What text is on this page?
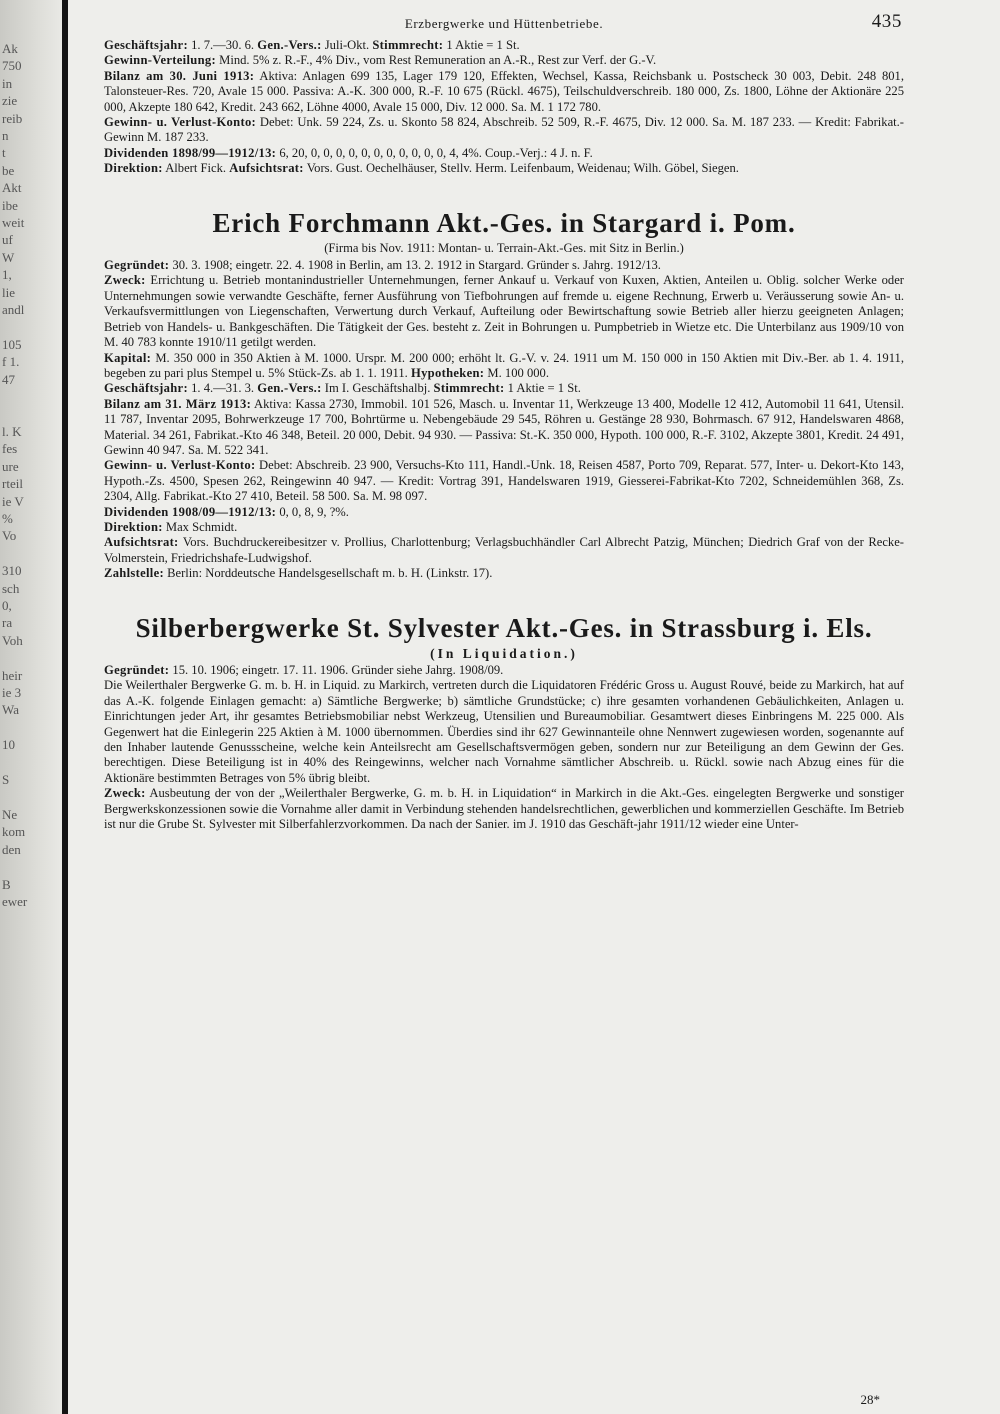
Ak
750
in
zie
reib
n
t
be
Akt
ibe
weit
uf
W
1,
lie
andl

105
f 1.
47

l. K
fes
ure
rteil
ie V
%
Vo

310
sch
0,
ra
Voh

heir
ie 3
Wa

10

S

Ne
kom
den

B
ewer
Erzbergwerke und Hüttenbetriebe.	435

Geschäftsjahr: 1. 7.—30. 6. Gen.-Vers.: Juli-Okt. Stimmrecht: 1 Aktie = 1 St.

Gewinn-Verteilung: Mind. 5% z. R.-F., 4% Div., vom Rest Remuneration an A.-R., Rest zur Verf. der G.-V.

Bilanz am 30. Juni 1913: Aktiva: Anlagen 699 135, Lager 179 120, Effekten, Wechsel, Kassa, Reichsbank u. Postscheck 30 003, Debit. 248 801, Talonsteuer-Res. 720, Avale 15 000. Passiva: A.-K. 300 000, R.-F. 10 675 (Rückl. 4675), Teilschuldverschreib. 180 000, Zs. 1800, Löhne der Aktionäre 225 000, Akzepte 180 642, Kredit. 243 662, Löhne 4000, Avale 15 000, Div. 12 000. Sa. M. 1 172 780.

Gewinn- u. Verlust-Konto: Debet: Unk. 59 224, Zs. u. Skonto 58 824, Abschreib. 52 509, R.-F. 4675, Div. 12 000. Sa. M. 187 233. — Kredit: Fabrikat.-Gewinn M. 187 233.

Dividenden 1898/99—1912/13: 6, 20, 0, 0, 0, 0, 0, 0, 0, 0, 0, 0, 0, 4, 4%. Coup.-Verj.: 4 J. n. F.

Direktion: Albert Fick. Aufsichtsrat: Vors. Gust. Oechelhäuser, Stellv. Herm. Leifenbaum, Weidenau; Wilh. Göbel, Siegen.

Erich Forchmann Akt.-Ges. in Stargard i. Pom.
(Firma bis Nov. 1911: Montan- u. Terrain-Akt.-Ges. mit Sitz in Berlin.)

Gegründet: 30. 3. 1908; eingetr. 22. 4. 1908 in Berlin, am 13. 2. 1912 in Stargard. Gründer s. Jahrg. 1912/13.

Zweck: Errichtung u. Betrieb montanindustrieller Unternehmungen, ferner Ankauf u. Verkauf von Kuxen, Aktien, Anteilen u. Oblig. solcher Werke oder Unternehmungen sowie verwandte Geschäfte, ferner Ausführung von Tiefbohrungen auf fremde u. eigene Rechnung, Erwerb u. Veräusserung sowie An- u. Verkaufsvermittlungen von Liegenschaften, Verwertung durch Verkauf, Aufteilung oder Bewirtschaftung sowie Betrieb aller hierzu geeigneten Anlagen; Betrieb von Handels- u. Bankgeschäften. Die Tätigkeit der Ges. besteht z. Zeit in Bohrungen u. Pumpbetrieb in Wietze etc. Die Unterbilanz aus 1909/10 von M. 40 783 konnte 1910/11 getilgt werden.

Kapital: M. 350 000 in 350 Aktien à M. 1000. Urspr. M. 200 000; erhöht lt. G.-V. v. 24. 1911 um M. 150 000 in 150 Aktien mit Div.-Ber. ab 1. 4. 1911, begeben zu pari plus Stempel u. 5% Stück-Zs. ab 1. 1. 1911. Hypotheken: M. 100 000.

Geschäftsjahr: 1. 4.—31. 3. Gen.-Vers.: Im I. Geschäftshalbj. Stimmrecht: 1 Aktie = 1 St.

Bilanz am 31. März 1913: Aktiva: Kassa 2730, Immobil. 101 526, Masch. u. Inventar 11, Werkzeuge 13 400, Modelle 12 412, Automobil 11 641, Utensil. 11 787, Inventar 2095, Bohrwerkzeuge 17 700, Bohrtürme u. Nebengebäude 29 545, Röhren u. Gestänge 28 930, Bohrmasch. 67 912, Handelswaren 4868, Material. 34 261, Fabrikat.-Kto 46 348, Beteil. 20 000, Debit. 94 930. — Passiva: St.-K. 350 000, Hypoth. 100 000, R.-F. 3102, Akzepte 3801, Kredit. 24 491, Gewinn 40 947. Sa. M. 522 341.

Gewinn- u. Verlust-Konto: Debet: Abschreib. 23 900, Versuchs-Kto 111, Handl.-Unk. 18, Reisen 4587, Porto 709, Reparat. 577, Inter- u. Dekort-Kto 143, Hypoth.-Zs. 4500, Spesen 262, Reingewinn 40 947. — Kredit: Vortrag 391, Handelswaren 1919, Giesserei-Fabrikat-Kto 7202, Schneidemühlen 368, Zs. 2304, Allg. Fabrikat.-Kto 27 410, Beteil. 58 500. Sa. M. 98 097.

Dividenden 1908/09—1912/13: 0, 0, 8, 9, ?%.

Direktion: Max Schmidt.

Aufsichtsrat: Vors. Buchdruckereibesitzer v. Prollius, Charlottenburg; Verlagsbuchhändler Carl Albrecht Patzig, München; Diedrich Graf von der Recke-Volmerstein, Friedrichshafe-Ludwigshof.

Zahlstelle: Berlin: Norddeutsche Handelsgesellschaft m. b. H. (Linkstr. 17).

Silberbergwerke St. Sylvester Akt.-Ges. in Strassburg i. Els.
(In Liquidation.)

Gegründet: 15. 10. 1906; eingetr. 17. 11. 1906. Gründer siehe Jahrg. 1908/09.

Die Weilerthaler Bergwerke G. m. b. H. in Liquid. zu Markirch, vertreten durch die Liquidatoren Frédéric Gross u. August Rouvé, beide zu Markirch, hat auf das A.-K. folgende Einlagen gemacht: a) Sämtliche Bergwerke; b) sämtliche Grundstücke; c) ihre gesamten vorhandenen Gebäulichkeiten, Anlagen u. Einrichtungen jeder Art, ihr gesamtes Betriebsmobiliar nebst Werkzeug, Utensilien und Bureaumobiliar. Gesamtwert dieses Einbringens M. 225 000. Als Gegenwert hat die Einlegerin 225 Aktien à M. 1000 übernommen. Überdies sind ihr 627 Gewinnanteile ohne Nennwert zugewiesen worden, sogenannte auf den Inhaber lautende Genussscheine, welche kein Anteilsrecht am Gesellschaftsvermögen geben, sondern nur zur Beteiligung an dem Gewinn der Ges. berechtigen. Diese Beteiligung ist in 40% des Reingewinns, welcher nach Vornahme sämtlicher Abschreib. u. Rückl. sowie nach Abzug eines für die Aktionäre bestimmten Betrages von 5% übrig bleibt.

Zweck: Ausbeutung der von der „Weilerthaler Bergwerke, G. m. b. H. in Liquidation“ in Markirch in die Akt.-Ges. eingelegten Bergwerke und sonstiger Bergwerkskonzessionen sowie die Vornahme aller damit in Verbindung stehenden handelsrechtlichen, gewerblichen und kommerziellen Geschäfte. Im Betrieb ist nur die Grube St. Sylvester mit Silberfahlerzvorkommen. Da nach der Sanier. im J. 1910 das Geschäft-jahr 1911/12 wieder eine Unter-

28*
